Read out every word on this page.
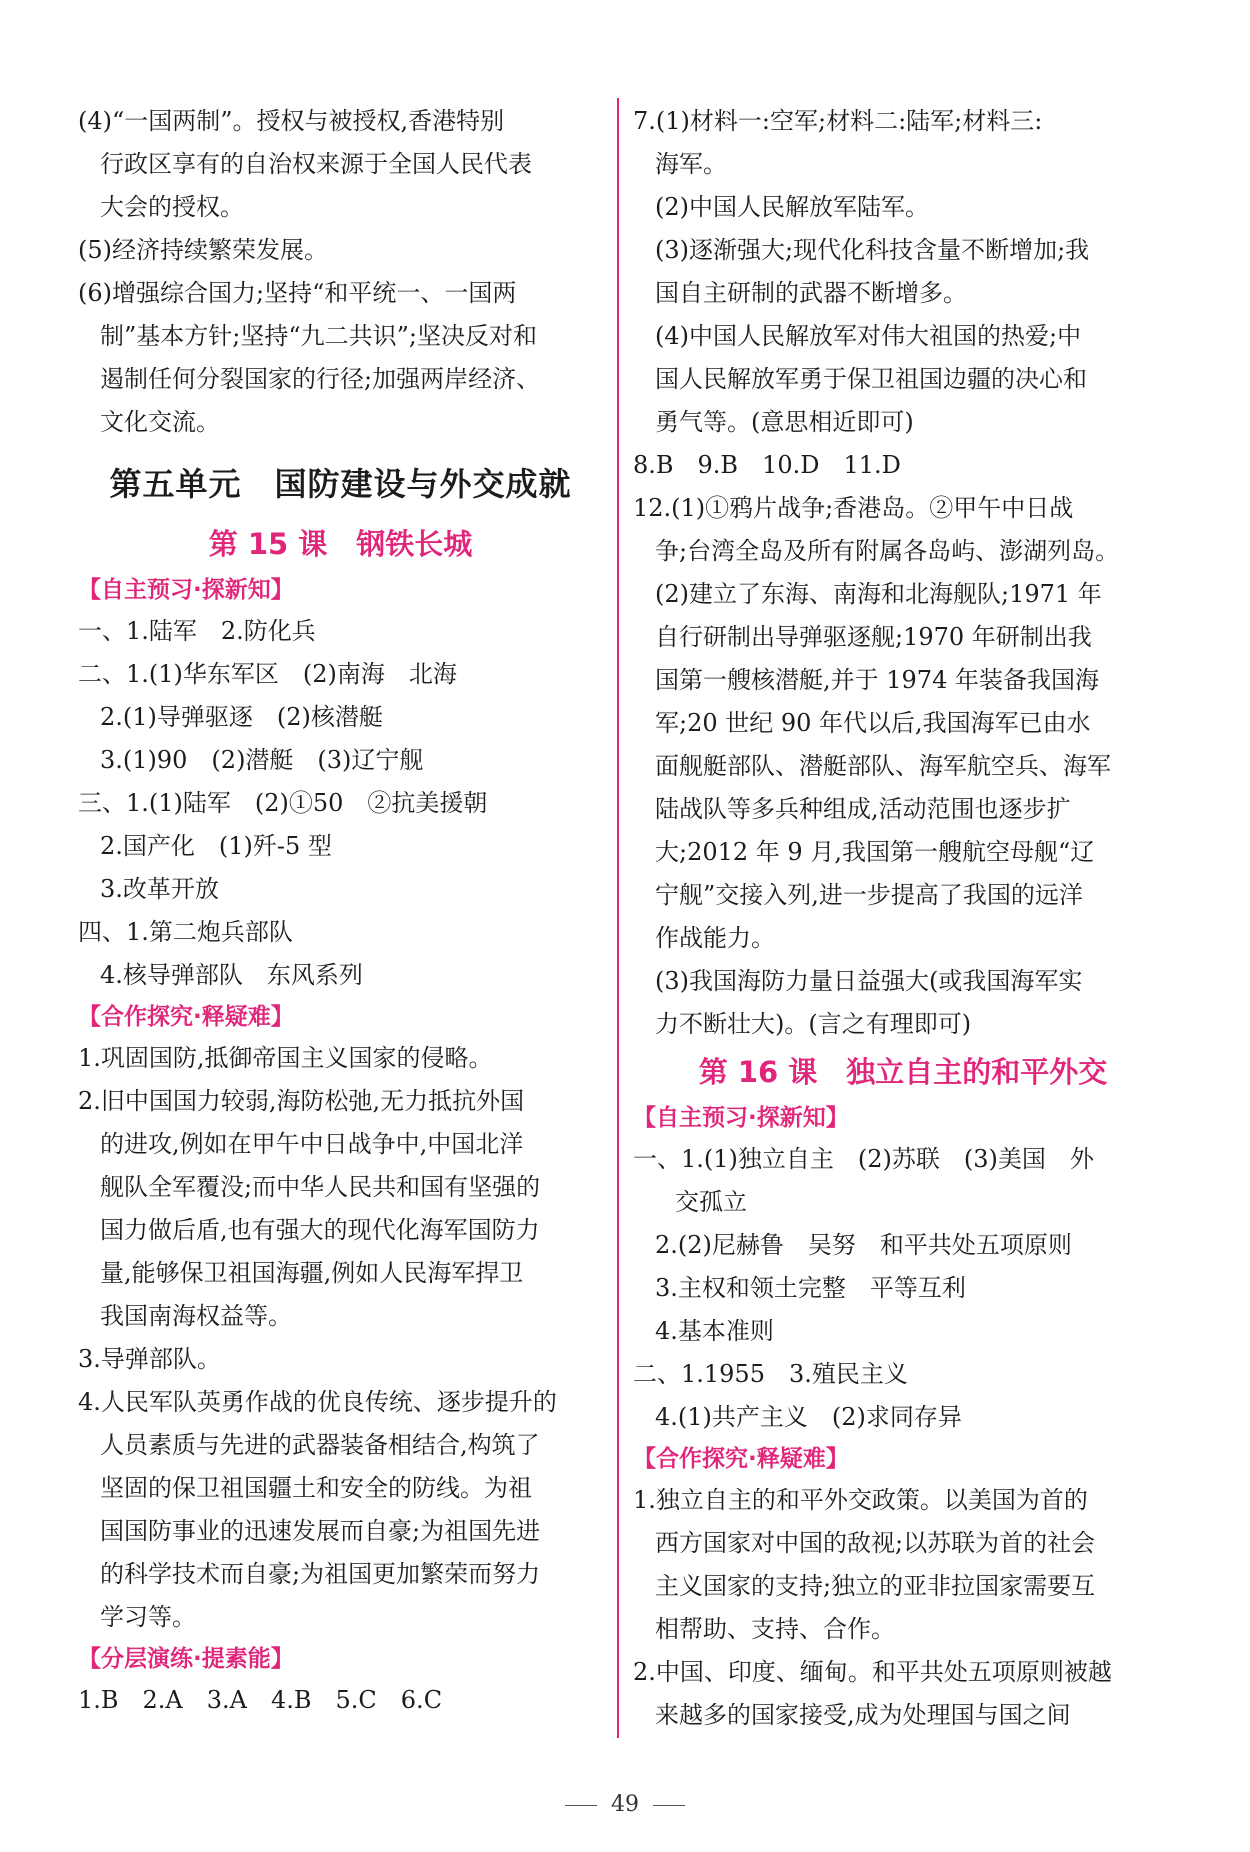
(4)“一国两制”。授权与被授权,香港特别

行政区享有的自治权来源于全国人民代表

大会的授权。

(5)经济持续繁荣发展。

(6)增强综合国力;坚持“和平统一、一国两

制”基本方针;坚持“九二共识”;坚决反对和

遏制任何分裂国家的行径;加强两岸经济、

文化交流。

第五单元　国防建设与外交成就
第 15 课　钢铁长城
【自主预习·探新知】

一、1.陆军　2.防化兵

二、1.(1)华东军区　(2)南海　北海

2.(1)导弹驱逐　(2)核潜艇

3.(1)90　(2)潜艇　(3)辽宁舰

三、1.(1)陆军　(2)①50　②抗美援朝

2.国产化　(1)歼-5 型

3.改革开放

四、1.第二炮兵部队

4.核导弹部队　东风系列

【合作探究·释疑难】

1.巩固国防,抵御帝国主义国家的侵略。

2.旧中国国力较弱,海防松弛,无力抵抗外国

的进攻,例如在甲午中日战争中,中国北洋

舰队全军覆没;而中华人民共和国有坚强的

国力做后盾,也有强大的现代化海军国防力

量,能够保卫祖国海疆,例如人民海军捍卫

我国南海权益等。

3.导弹部队。

4.人民军队英勇作战的优良传统、逐步提升的

人员素质与先进的武器装备相结合,构筑了

坚固的保卫祖国疆土和安全的防线。为祖

国国防事业的迅速发展而自豪;为祖国先进

的科学技术而自豪;为祖国更加繁荣而努力

学习等。

【分层演练·提素能】

1.B　2.A　3.A　4.B　5.C　6.C

7.(1)材料一:空军;材料二:陆军;材料三:

海军。

(2)中国人民解放军陆军。

(3)逐渐强大;现代化科技含量不断增加;我

国自主研制的武器不断增多。

(4)中国人民解放军对伟大祖国的热爱;中

国人民解放军勇于保卫祖国边疆的决心和

勇气等。(意思相近即可)

8.B　9.B　10.D　11.D

12.(1)①鸦片战争;香港岛。②甲午中日战

争;台湾全岛及所有附属各岛屿、澎湖列岛。

(2)建立了东海、南海和北海舰队;1971 年

自行研制出导弹驱逐舰;1970 年研制出我

国第一艘核潜艇,并于 1974 年装备我国海

军;20 世纪 90 年代以后,我国海军已由水

面舰艇部队、潜艇部队、海军航空兵、海军

陆战队等多兵种组成,活动范围也逐步扩

大;2012 年 9 月,我国第一艘航空母舰“辽

宁舰”交接入列,进一步提高了我国的远洋

作战能力。

(3)我国海防力量日益强大(或我国海军实

力不断壮大)。(言之有理即可)

第 16 课　独立自主的和平外交
【自主预习·探新知】

一、1.(1)独立自主　(2)苏联　(3)美国　外

交孤立

2.(2)尼赫鲁　吴努　和平共处五项原则

3.主权和领土完整　平等互利

4.基本准则

二、1.1955　3.殖民主义

4.(1)共产主义　(2)求同存异

【合作探究·释疑难】

1.独立自主的和平外交政策。以美国为首的

西方国家对中国的敌视;以苏联为首的社会

主义国家的支持;独立的亚非拉国家需要互

相帮助、支持、合作。

2.中国、印度、缅甸。和平共处五项原则被越

来越多的国家接受,成为处理国与国之间

49
